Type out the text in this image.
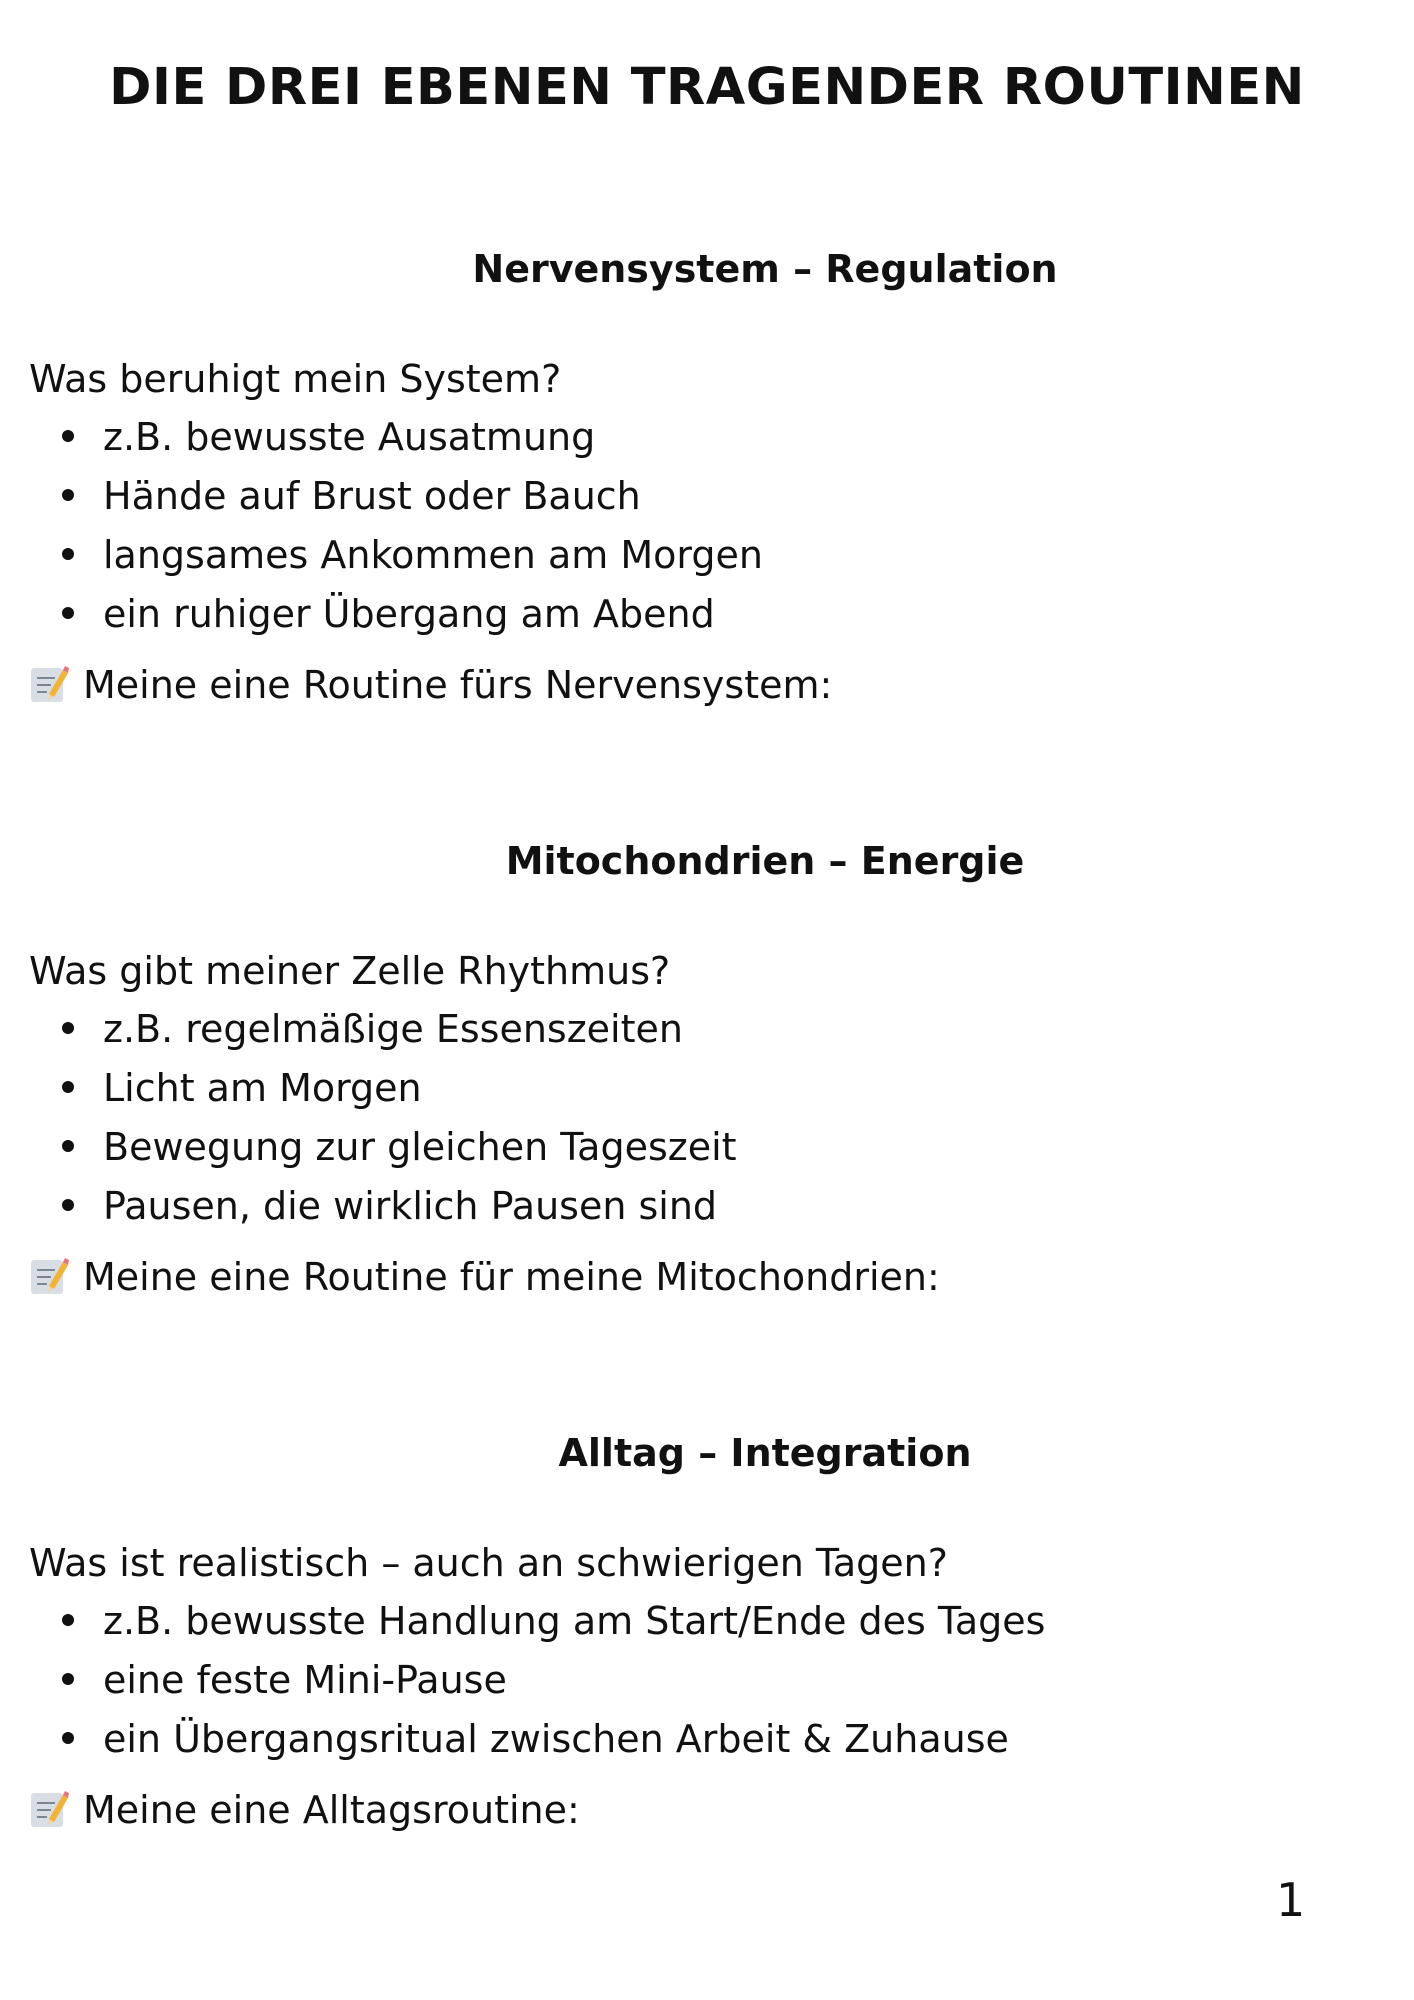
DIE DREI EBENEN TRAGENDER ROUTINEN
Nervensystem – Regulation

Was beruhigt mein System?

z.B. bewusste Ausatmung
Hände auf Brust oder Bauch
langsames Ankommen am Morgen
ein ruhiger Übergang am Abend

Meine eine Routine fürs Nervensystem:

Mitochondrien – Energie

Was gibt meiner Zelle Rhythmus?

z.B. regelmäßige Essenszeiten
Licht am Morgen
Bewegung zur gleichen Tageszeit
Pausen, die wirklich Pausen sind

Meine eine Routine für meine Mitochondrien:

Alltag – Integration

Was ist realistisch – auch an schwierigen Tagen?

z.B. bewusste Handlung am Start/Ende des Tages
eine feste Mini-Pause
ein Übergangsritual zwischen Arbeit & Zuhause

Meine eine Alltagsroutine:

1
